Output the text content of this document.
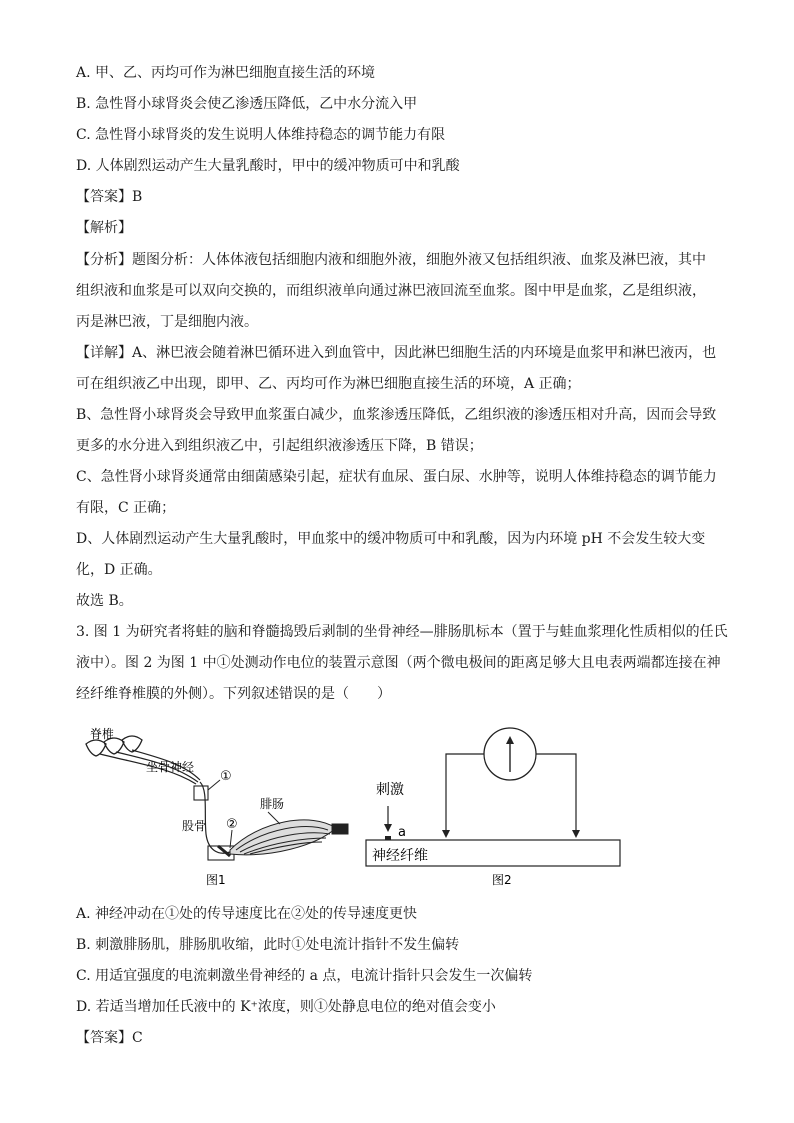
A. 甲、乙、丙均可作为淋巴细胞直接生活的环境
B. 急性肾小球肾炎会使乙渗透压降低，乙中水分流入甲
C. 急性肾小球肾炎的发生说明人体维持稳态的调节能力有限
D. 人体剧烈运动产生大量乳酸时，甲中的缓冲物质可中和乳酸
【答案】B
【解析】
【分析】题图分析：人体体液包括细胞内液和细胞外液，细胞外液又包括组织液、血浆及淋巴液，其中
组织液和血浆是可以双向交换的，而组织液单向通过淋巴液回流至血浆。图中甲是血浆，乙是组织液，
丙是淋巴液，丁是细胞内液。
【详解】A、淋巴液会随着淋巴循环进入到血管中，因此淋巴细胞生活的内环境是血浆甲和淋巴液丙，也
可在组织液乙中出现，即甲、乙、丙均可作为淋巴细胞直接生活的环境，A 正确；
B、急性肾小球肾炎会导致甲血浆蛋白减少，血浆渗透压降低，乙组织液的渗透压相对升高，因而会导致
更多的水分进入到组织液乙中，引起组织液渗透压下降，B 错误；
C、急性肾小球肾炎通常由细菌感染引起，症状有血尿、蛋白尿、水肿等，说明人体维持稳态的调节能力
有限，C 正确；
D、人体剧烈运动产生大量乳酸时，甲血浆中的缓冲物质可中和乳酸，因为内环境 pH 不会发生较大变
化，D 正确。
故选 B。
3. 图 1 为研究者将蛙的脑和脊髓捣毁后剥制的坐骨神经—腓肠肌标本（置于与蛙血浆理化性质相似的任氏
液中）。图 2 为图 1 中①处测动作电位的装置示意图（两个微电极间的距离足够大且电表两端都连接在神
经纤维脊椎膜的外侧）。下列叙述错误的是（　　）
脊椎
坐骨神经
①
股骨 ②
腓肠
图1
刺激
a
神经纤维
图2
A. 神经冲动在①处的传导速度比在②处的传导速度更快
B. 刺激腓肠肌，腓肠肌收缩，此时①处电流计指针不发生偏转
C. 用适宜强度的电流刺激坐骨神经的 a 点，电流计指针只会发生一次偏转
D. 若适当增加任氏液中的 K⁺浓度，则①处静息电位的绝对值会变小
【答案】C
